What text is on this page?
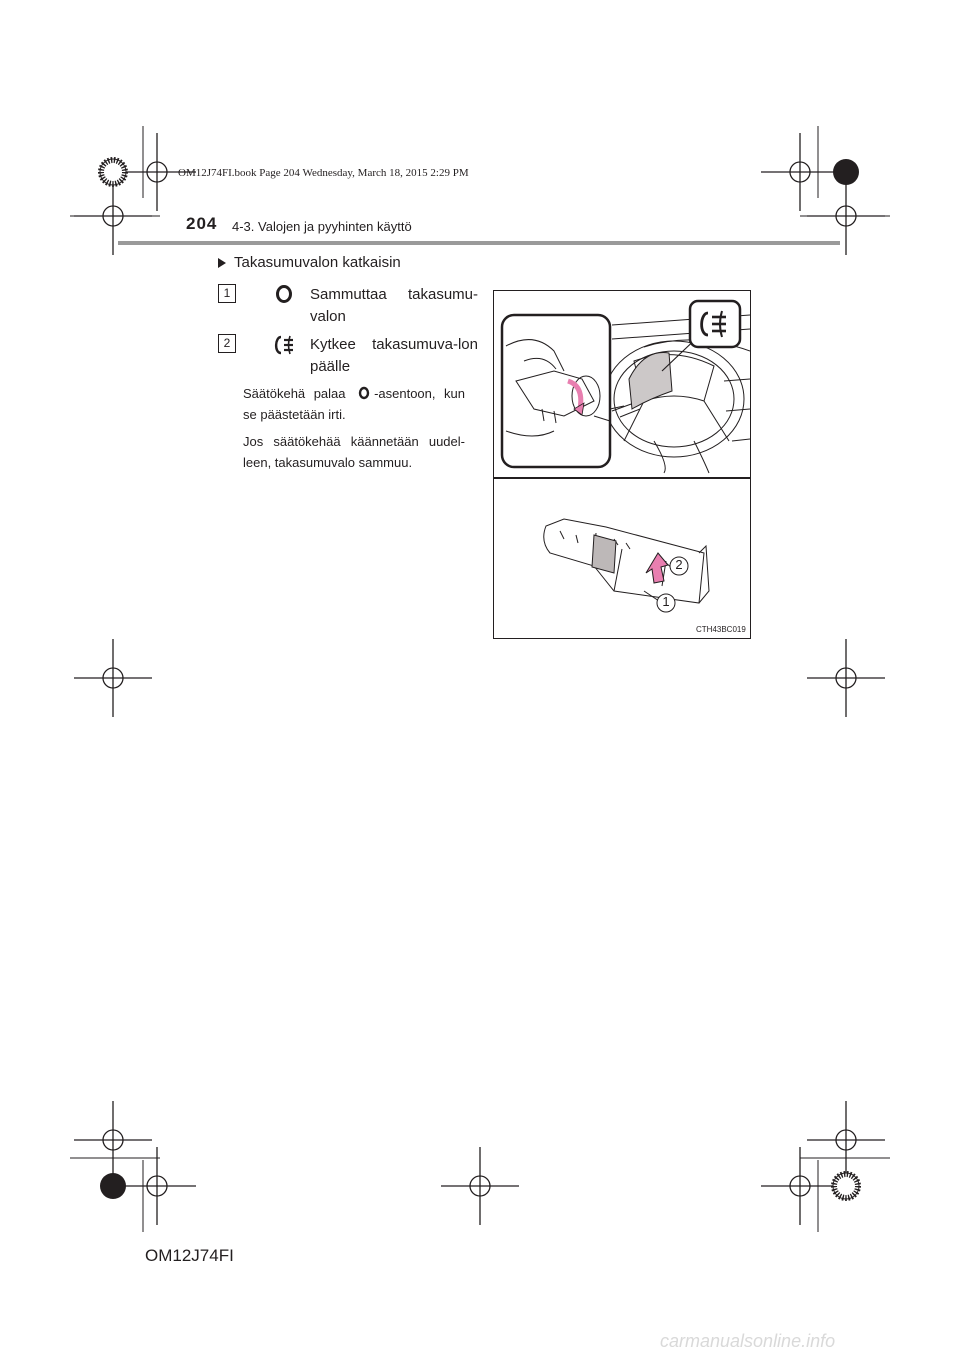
OM12J74FI.book Page 204 Wednesday, March 18, 2015 2:29 PM
204 4-3. Valojen ja pyyhinten käyttö
Takasumuvalon katkaisin
1	Sammuttaa takasumu-valon
2	Kytkee takasumuva-lon päälle
Säätökehä palaa -asentoon, kun se päästetään irti.
Jos säätökehää käännetään uudel-leen, takasumuvalo sammuu.
2
1
CTH43BC019
OM12J74FI
carmanualsonline.info
